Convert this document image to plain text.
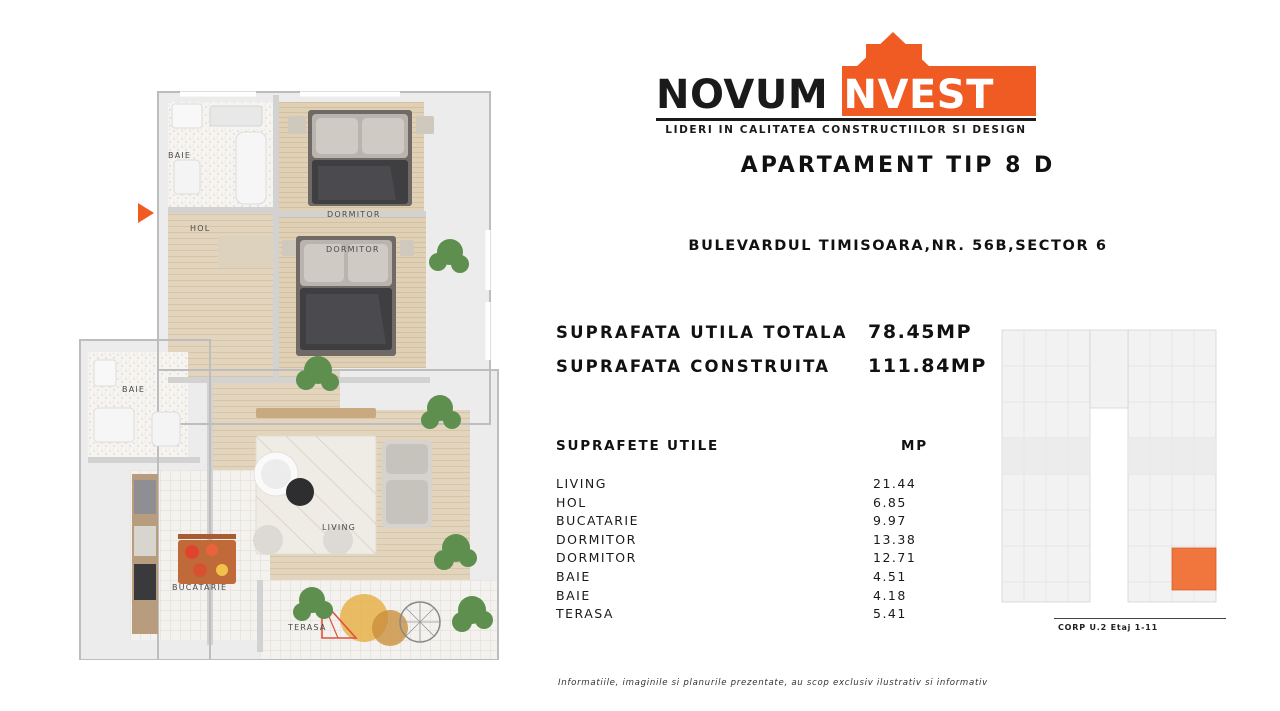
BAIE
DORMITOR
HOL
DORMITOR
BAIE
LIVING
BUCATARIE
TERASA
NOVUMINVEST
LIDERI IN CALITATEA CONSTRUCTIILOR SI DESIGN
APARTAMENT TIP 8 D
BULEVARDUL TIMISOARA,NR. 56B,SECTOR 6
SUPRAFATA UTILA TOTALA 78.45MP
SUPRAFATA CONSTRUITA 111.84MP
SUPRAFETE UTILE	MP
LIVING	21.44
HOL	6.85
BUCATARIE	9.97
DORMITOR	13.38
DORMITOR	12.71
BAIE	4.51
BAIE	4.18
TERASA	5.41
Informatiile, imaginile si planurile prezentate, au scop exclusiv ilustrativ si informativ
CORP U.2 Etaj 1-11
